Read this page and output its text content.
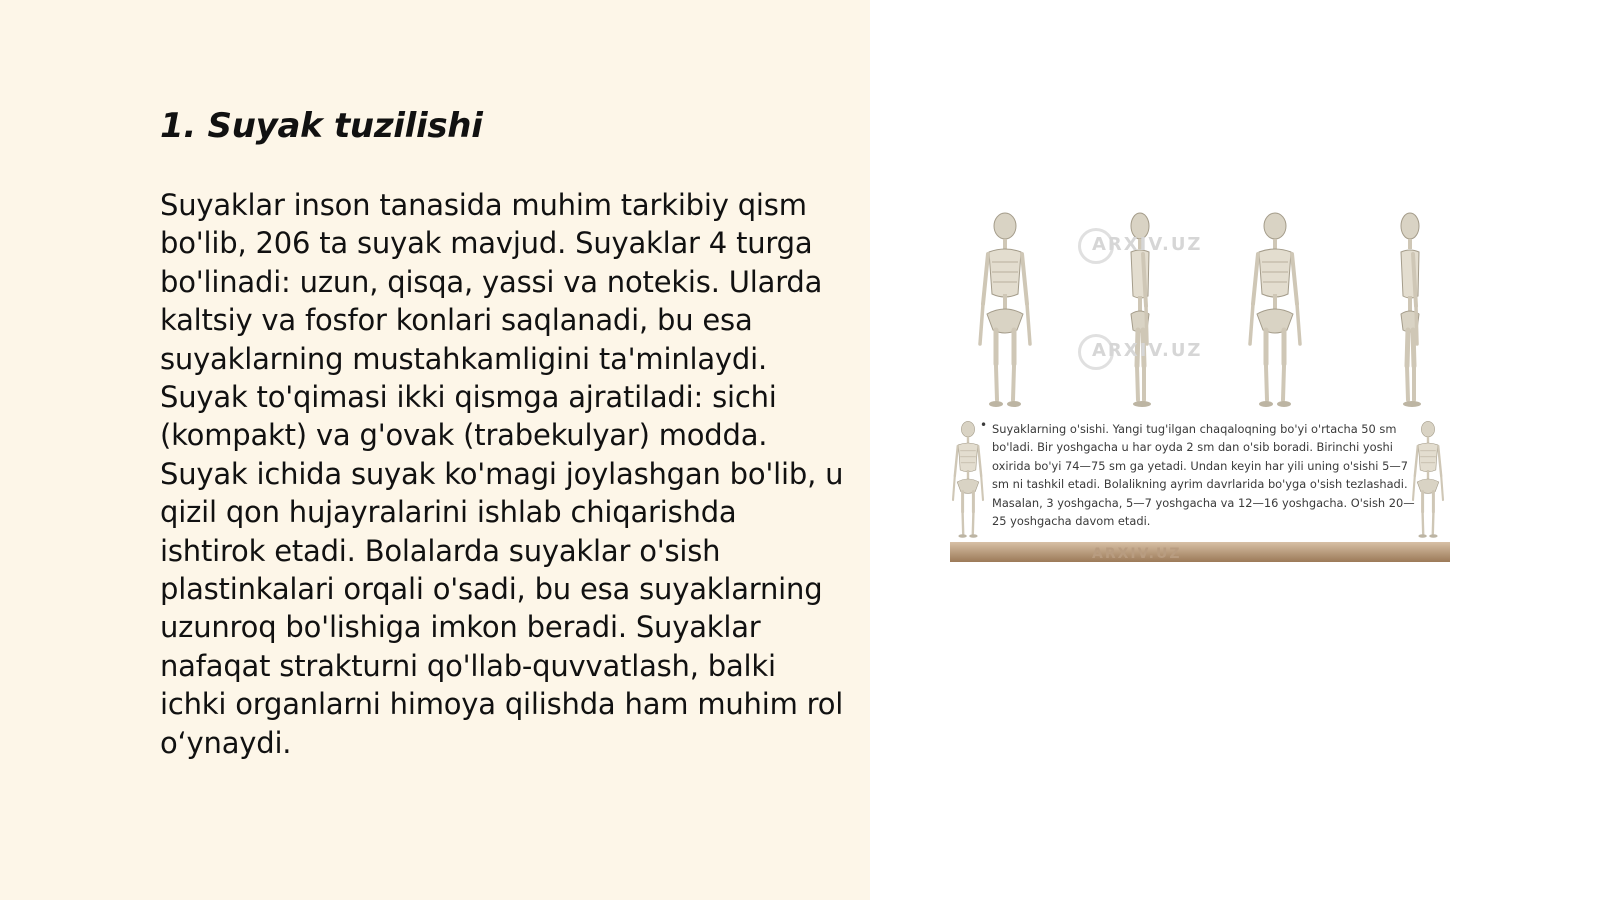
1. Suyak tuzilishi

Suyaklar inson tanasida muhim tarkibiy qism bo'lib, 206 ta suyak mavjud. Suyaklar 4 turga bo'linadi: uzun, qisqa, yassi va notekis. Ularda kaltsiy va fosfor konlari saqlanadi, bu esa suyaklarning mustahkamligini ta'minlaydi. Suyak to'qimasi ikki qismga ajratiladi: sichi (kompakt) va g'ovak (trabekulyar) modda. Suyak ichida suyak ko'magi joylashgan bo'lib, u qizil qon hujayralarini ishlab chiqarishda ishtirok etadi. Bolalarda suyaklar o'sish plastinkalari orqali o'sadi, bu esa suyaklarning uzunroq bo'lishiga imkon beradi. Suyaklar nafaqat strakturni qo'llab-quvvatlash, balki ichki organlarni himoya qilishda ham muhim rol o‘ynaydi.

ARXIV.UZ
ARXIV.UZ
• Suyaklarning o'sishi. Yangi tug'ilgan chaqaloqning bo'yi o'rtacha 50 sm bo'ladi. Bir yoshgacha u har oyda 2 sm dan o'sib boradi. Birinchi yoshi oxirida bo'yi 74—75 sm ga yetadi. Undan keyin har yili uning o'sishi 5—7 sm ni tashkil etadi. Bolalikning ayrim davrlarida bo'yga o'sish tezlashadi. Masalan, 3 yoshgacha, 5—7 yoshgacha va 12—16 yoshgacha. O'sish 20—25 yoshgacha davom etadi.

ARXIV.UZ
